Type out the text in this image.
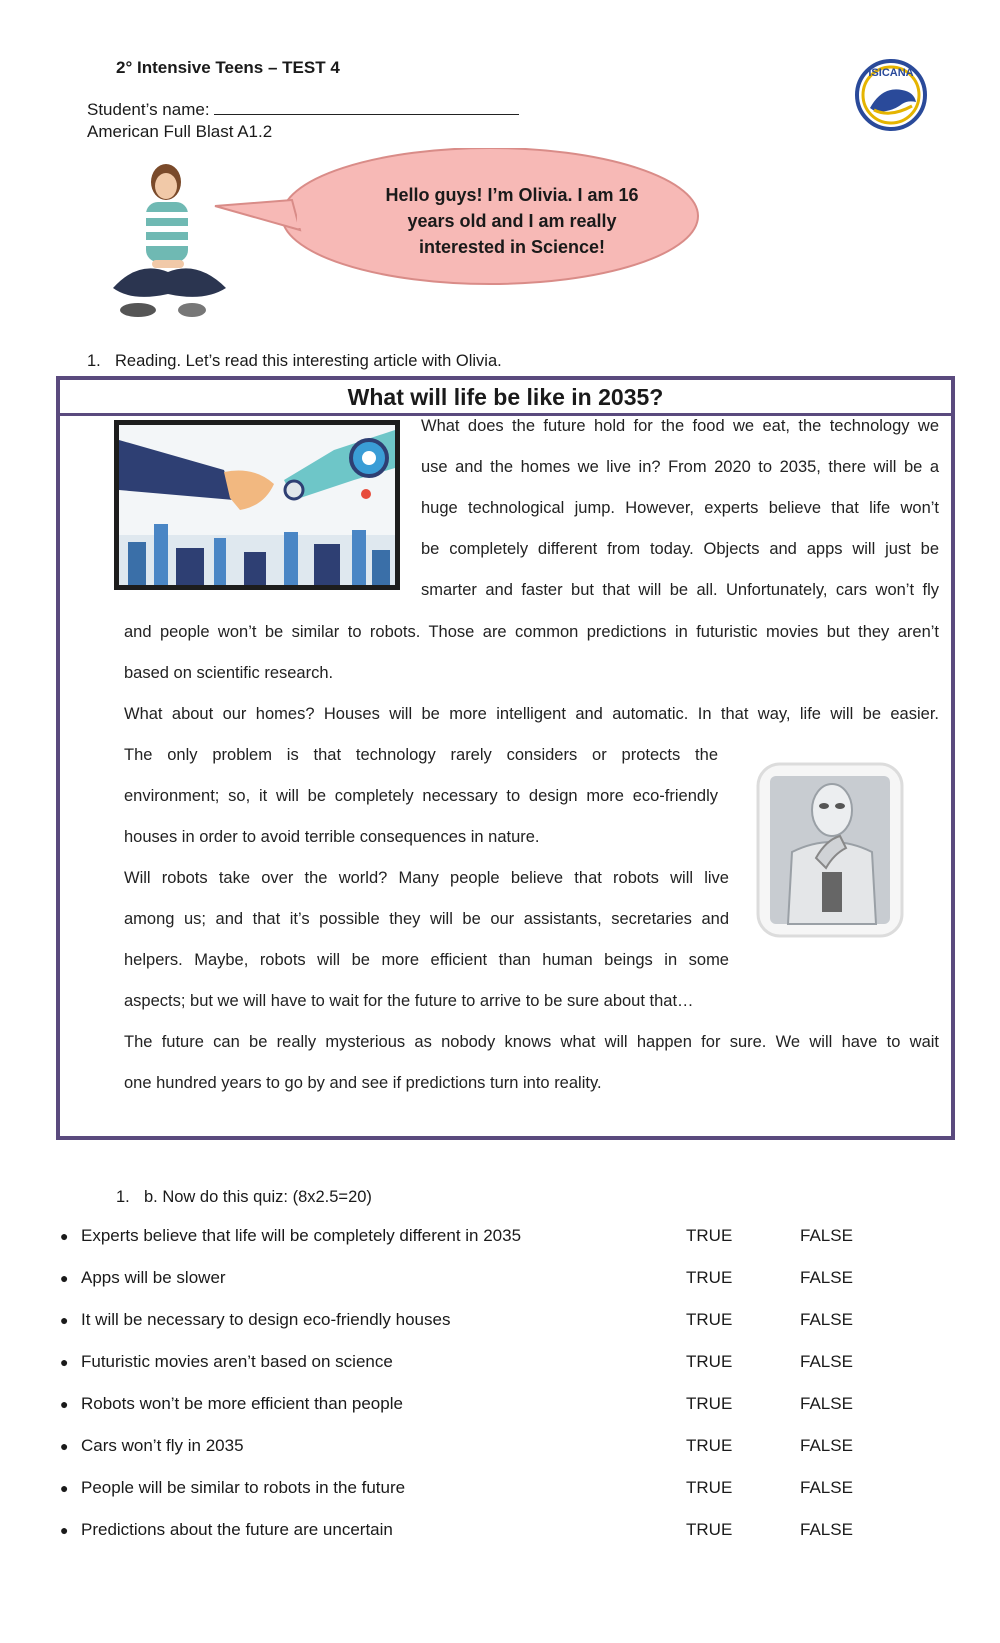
2° Intensive Teens – TEST 4
Student’s name:
American Full Blast A1.2
ISICANA
Hello guys! I’m Olivia. I am 16
years old and I am really
interested in Science!
1. Reading. Let’s read this interesting article with Olivia.
What will life be like in 2035?
What does the future hold for the food we eat, the technology we
use and the homes we live in? From 2020 to 2035, there will be a
huge technological jump. However, experts believe that life won’t
be completely different from today. Objects and apps will just be
smarter and faster but that will be all. Unfortunately, cars won’t fly
and people won’t be similar to robots. Those are common predictions in futuristic movies but they aren’t
based on scientific research.
What about our homes? Houses will be more intelligent and automatic. In that way, life will be easier.
The only problem is that technology rarely considers or protects the
environment; so, it will be completely necessary to design more eco-friendly
houses in order to avoid terrible consequences in nature.
Will robots take over the world? Many people believe that robots will live
among us; and that it’s possible they will be our assistants, secretaries and
helpers. Maybe, robots will be more efficient than human beings in some
aspects; but we will have to wait for the future to arrive to be sure about that…
The future can be really mysterious as nobody knows what will happen for sure. We will have to wait
one hundred years to go by and see if predictions turn into reality.
1. b. Now do this quiz: (8x2.5=20)
● Experts believe that life will be completely different in 2035	TRUE	FALSE
● Apps will be slower	TRUE	FALSE
● It will be necessary to design eco-friendly houses	TRUE	FALSE
● Futuristic movies aren’t based on science	TRUE	FALSE
● Robots won’t be more efficient than people	TRUE	FALSE
● Cars won’t fly in 2035	TRUE	FALSE
● People will be similar to robots in the future	TRUE	FALSE
● Predictions about the future are uncertain	TRUE	FALSE
